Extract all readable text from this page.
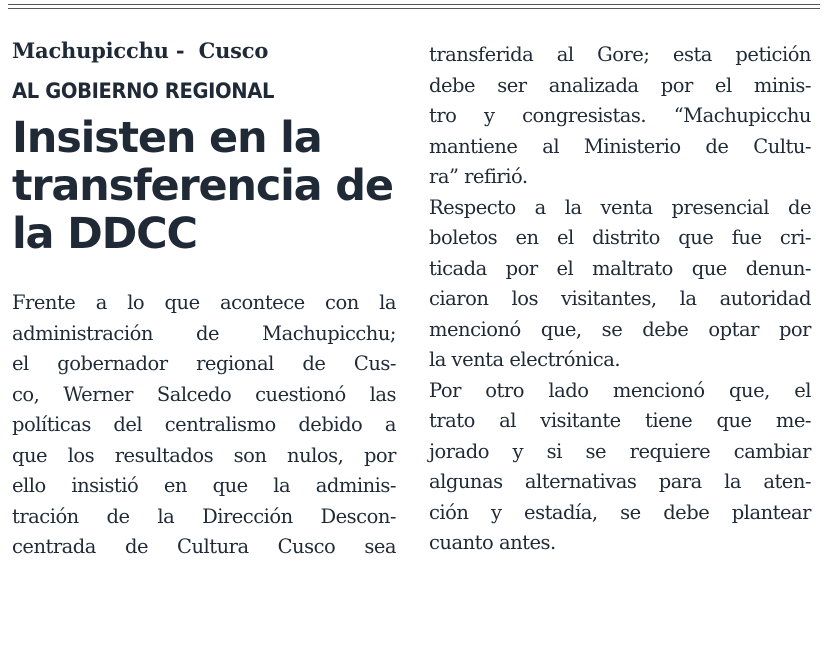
Machupicchu -  Cusco

AL GOBIERNO REGIONAL

Insisten en la
transferencia de
la DDCC
Frente a lo que acontece con la
administración de Machupicchu;
el gobernador regional de Cus-
co, Werner Salcedo cuestionó las
políticas del centralismo debido a
que los resultados son nulos, por
ello insistió en que la adminis-
tración de la Dirección Descon-
centrada de Cultura Cusco sea
transferida al Gore; esta petición
debe ser analizada por el minis-
tro y congresistas. “Machupicchu
mantiene al Ministerio de Cultu-
ra” refirió.
Respecto a la venta presencial de
boletos en el distrito que fue cri-
ticada por el maltrato que denun-
ciaron los visitantes, la autoridad
mencionó que, se debe optar por
la venta electrónica.
Por otro lado mencionó que, el
trato al visitante tiene que me-
jorado y si se requiere cambiar
algunas alternativas para la aten-
ción y estadía, se debe plantear
cuanto antes.
